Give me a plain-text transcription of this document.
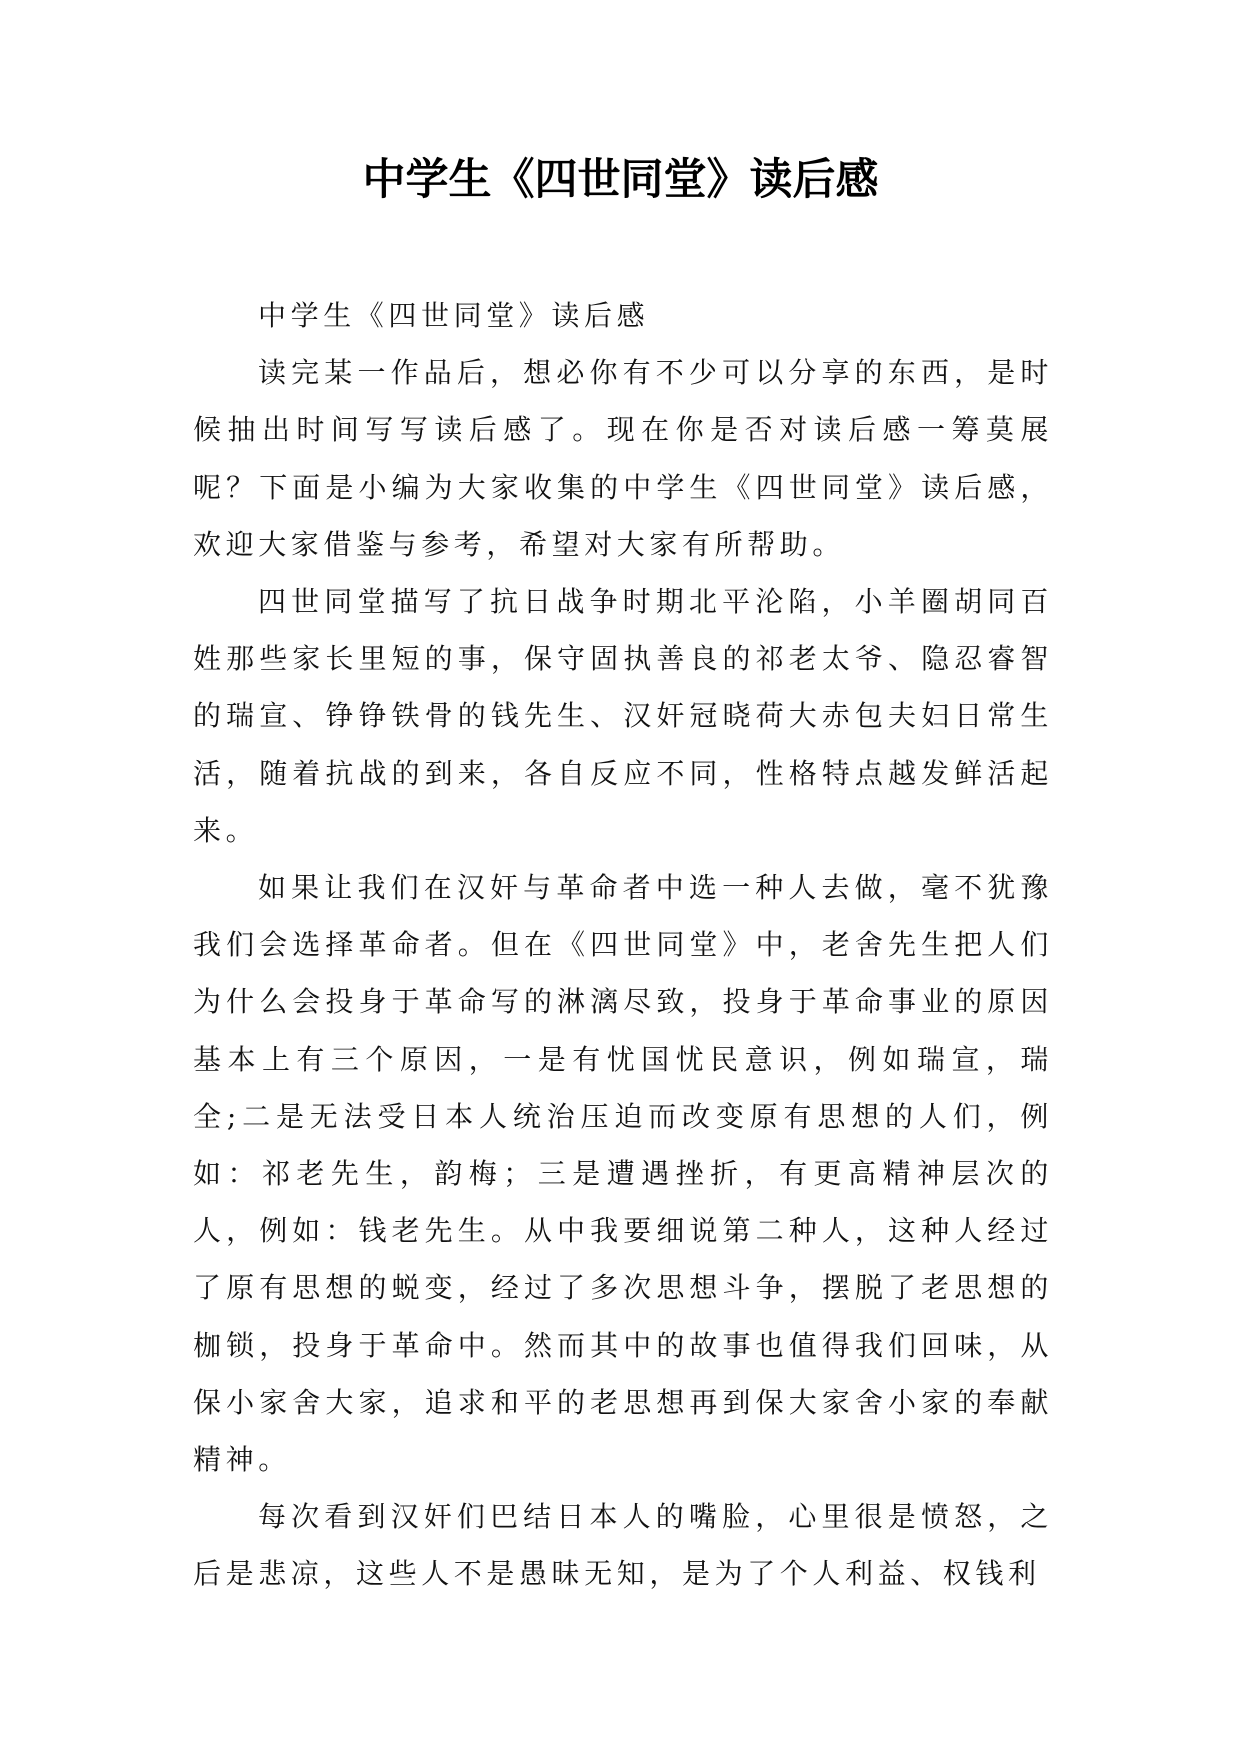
中学生《四世同堂》读后感

中学生《四世同堂》读后感

读完某一作品后，想必你有不少可以分享的东西，是时候抽出时间写写读后感了。现在你是否对读后感一筹莫展呢？下面是小编为大家收集的中学生《四世同堂》读后感，欢迎大家借鉴与参考，希望对大家有所帮助。

四世同堂描写了抗日战争时期北平沦陷，小羊圈胡同百姓那些家长里短的事，保守固执善良的祁老太爷、隐忍睿智的瑞宣、铮铮铁骨的钱先生、汉奸冠晓荷大赤包夫妇日常生活，随着抗战的到来，各自反应不同，性格特点越发鲜活起来。

如果让我们在汉奸与革命者中选一种人去做，毫不犹豫我们会选择革命者。但在《四世同堂》中，老舍先生把人们为什么会投身于革命写的淋漓尽致，投身于革命事业的原因基本上有三个原因，一是有忧国忧民意识，例如瑞宣，瑞全;二是无法受日本人统治压迫而改变原有思想的人们，例如：祁老先生，韵梅；三是遭遇挫折，有更高精神层次的人，例如：钱老先生。从中我要细说第二种人，这种人经过了原有思想的蜕变，经过了多次思想斗争，摆脱了老思想的枷锁，投身于革命中。然而其中的故事也值得我们回味，从保小家舍大家，追求和平的老思想再到保大家舍小家的奉献精神。

每次看到汉奸们巴结日本人的嘴脸，心里很是愤怒，之后是悲凉，这些人不是愚昧无知，是为了个人利益、权钱利
